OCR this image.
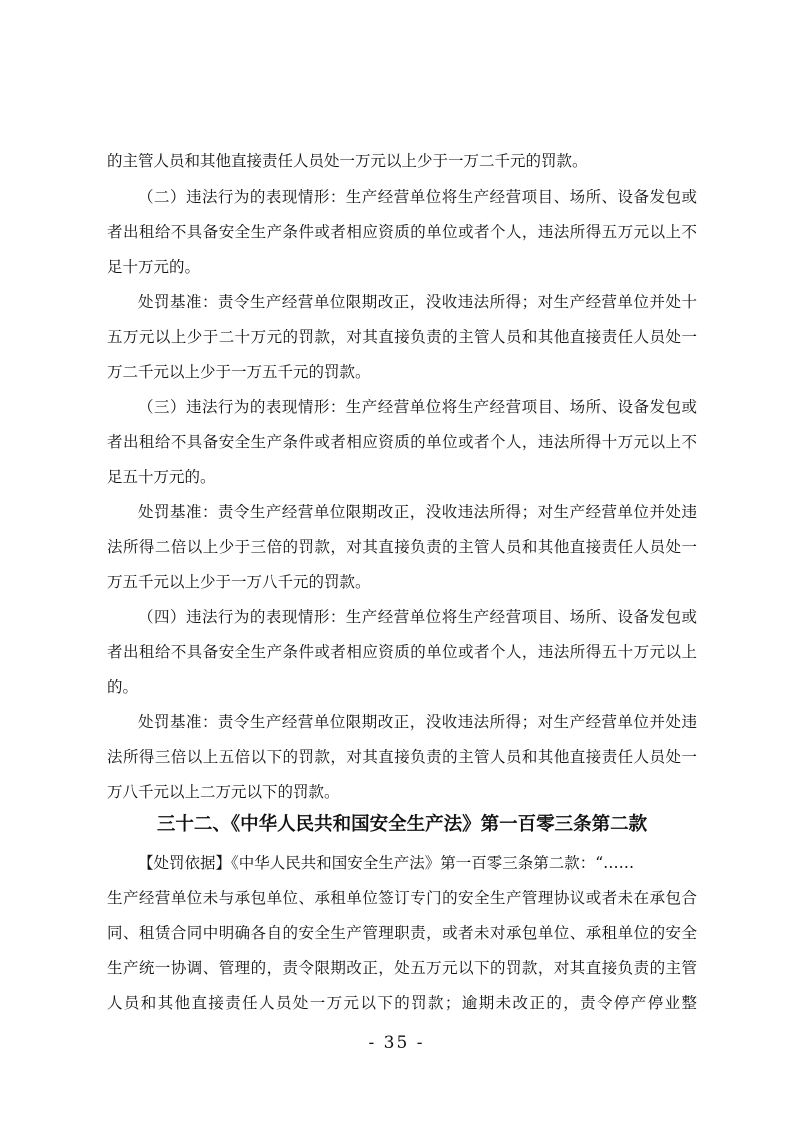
的主管人员和其他直接责任人员处一万元以上少于一万二千元的罚款。
（二）违法行为的表现情形：生产经营单位将生产经营项目、场所、设备发包或
者出租给不具备安全生产条件或者相应资质的单位或者个人，违法所得五万元以上不
足十万元的。
处罚基准：责令生产经营单位限期改正，没收违法所得；对生产经营单位并处十
五万元以上少于二十万元的罚款，对其直接负责的主管人员和其他直接责任人员处一
万二千元以上少于一万五千元的罚款。
（三）违法行为的表现情形：生产经营单位将生产经营项目、场所、设备发包或
者出租给不具备安全生产条件或者相应资质的单位或者个人，违法所得十万元以上不
足五十万元的。
处罚基准：责令生产经营单位限期改正，没收违法所得；对生产经营单位并处违
法所得二倍以上少于三倍的罚款，对其直接负责的主管人员和其他直接责任人员处一
万五千元以上少于一万八千元的罚款。
（四）违法行为的表现情形：生产经营单位将生产经营项目、场所、设备发包或
者出租给不具备安全生产条件或者相应资质的单位或者个人，违法所得五十万元以上
的。
处罚基准：责令生产经营单位限期改正，没收违法所得；对生产经营单位并处违
法所得三倍以上五倍以下的罚款，对其直接负责的主管人员和其他直接责任人员处一
万八千元以上二万元以下的罚款。
三十二、《中华人民共和国安全生产法》第一百零三条第二款
【处罚依据】《中华人民共和国安全生产法》第一百零三条第二款：“……
生产经营单位未与承包单位、承租单位签订专门的安全生产管理协议或者未在承包合
同、租赁合同中明确各自的安全生产管理职责，或者未对承包单位、承租单位的安全
生产统一协调、管理的，责令限期改正，处五万元以下的罚款，对其直接负责的主管
人员和其他直接责任人员处一万元以下的罚款；逾期未改正的，责令停产停业整
- 35 -
